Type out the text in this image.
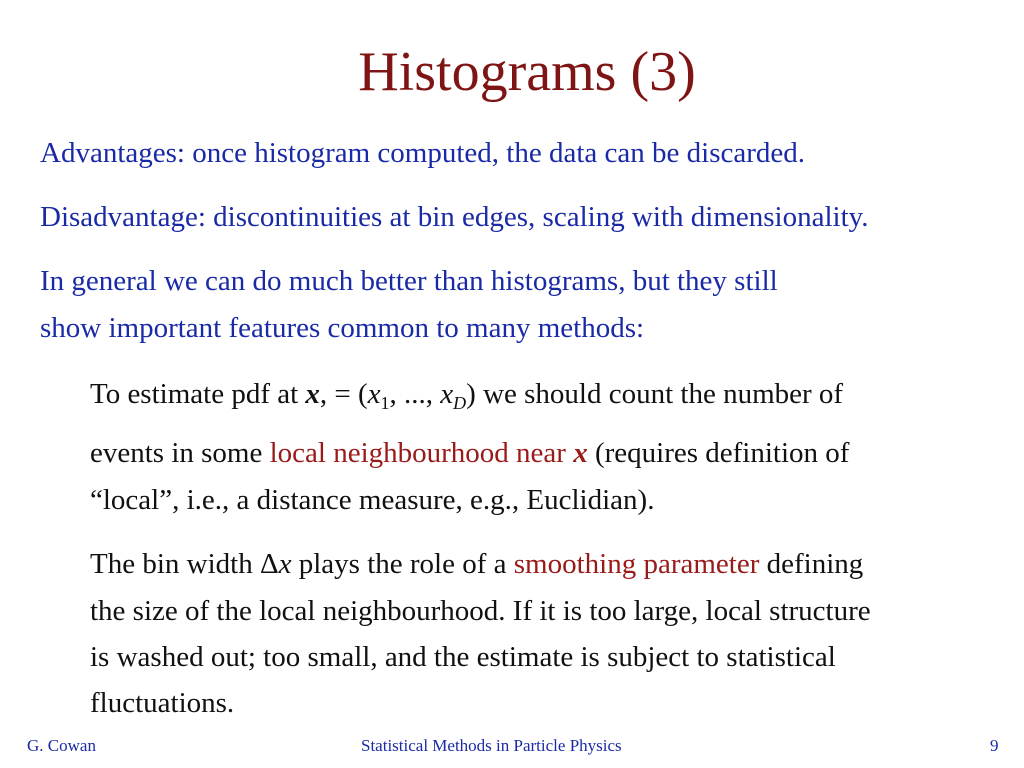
Histograms (3)
Advantages: once histogram computed, the data can be discarded.
Disadvantage: discontinuities at bin edges, scaling with dimensionality.
In general we can do much better than histograms, but they still
show important features common to many methods:
To estimate pdf at x, = ($x_1$, ..., $x_D$) we should count the number of
events in some local neighbourhood near x (requires definition of
“local”, i.e., a distance measure, e.g., Euclidian).
The bin width Δx plays the role of a smoothing parameter defining
the size of the local neighbourhood. If it is too large, local structure
is washed out; too small, and the estimate is subject to statistical
fluctuations.
G. Cowan	Statistical Methods in Particle Physics	9
